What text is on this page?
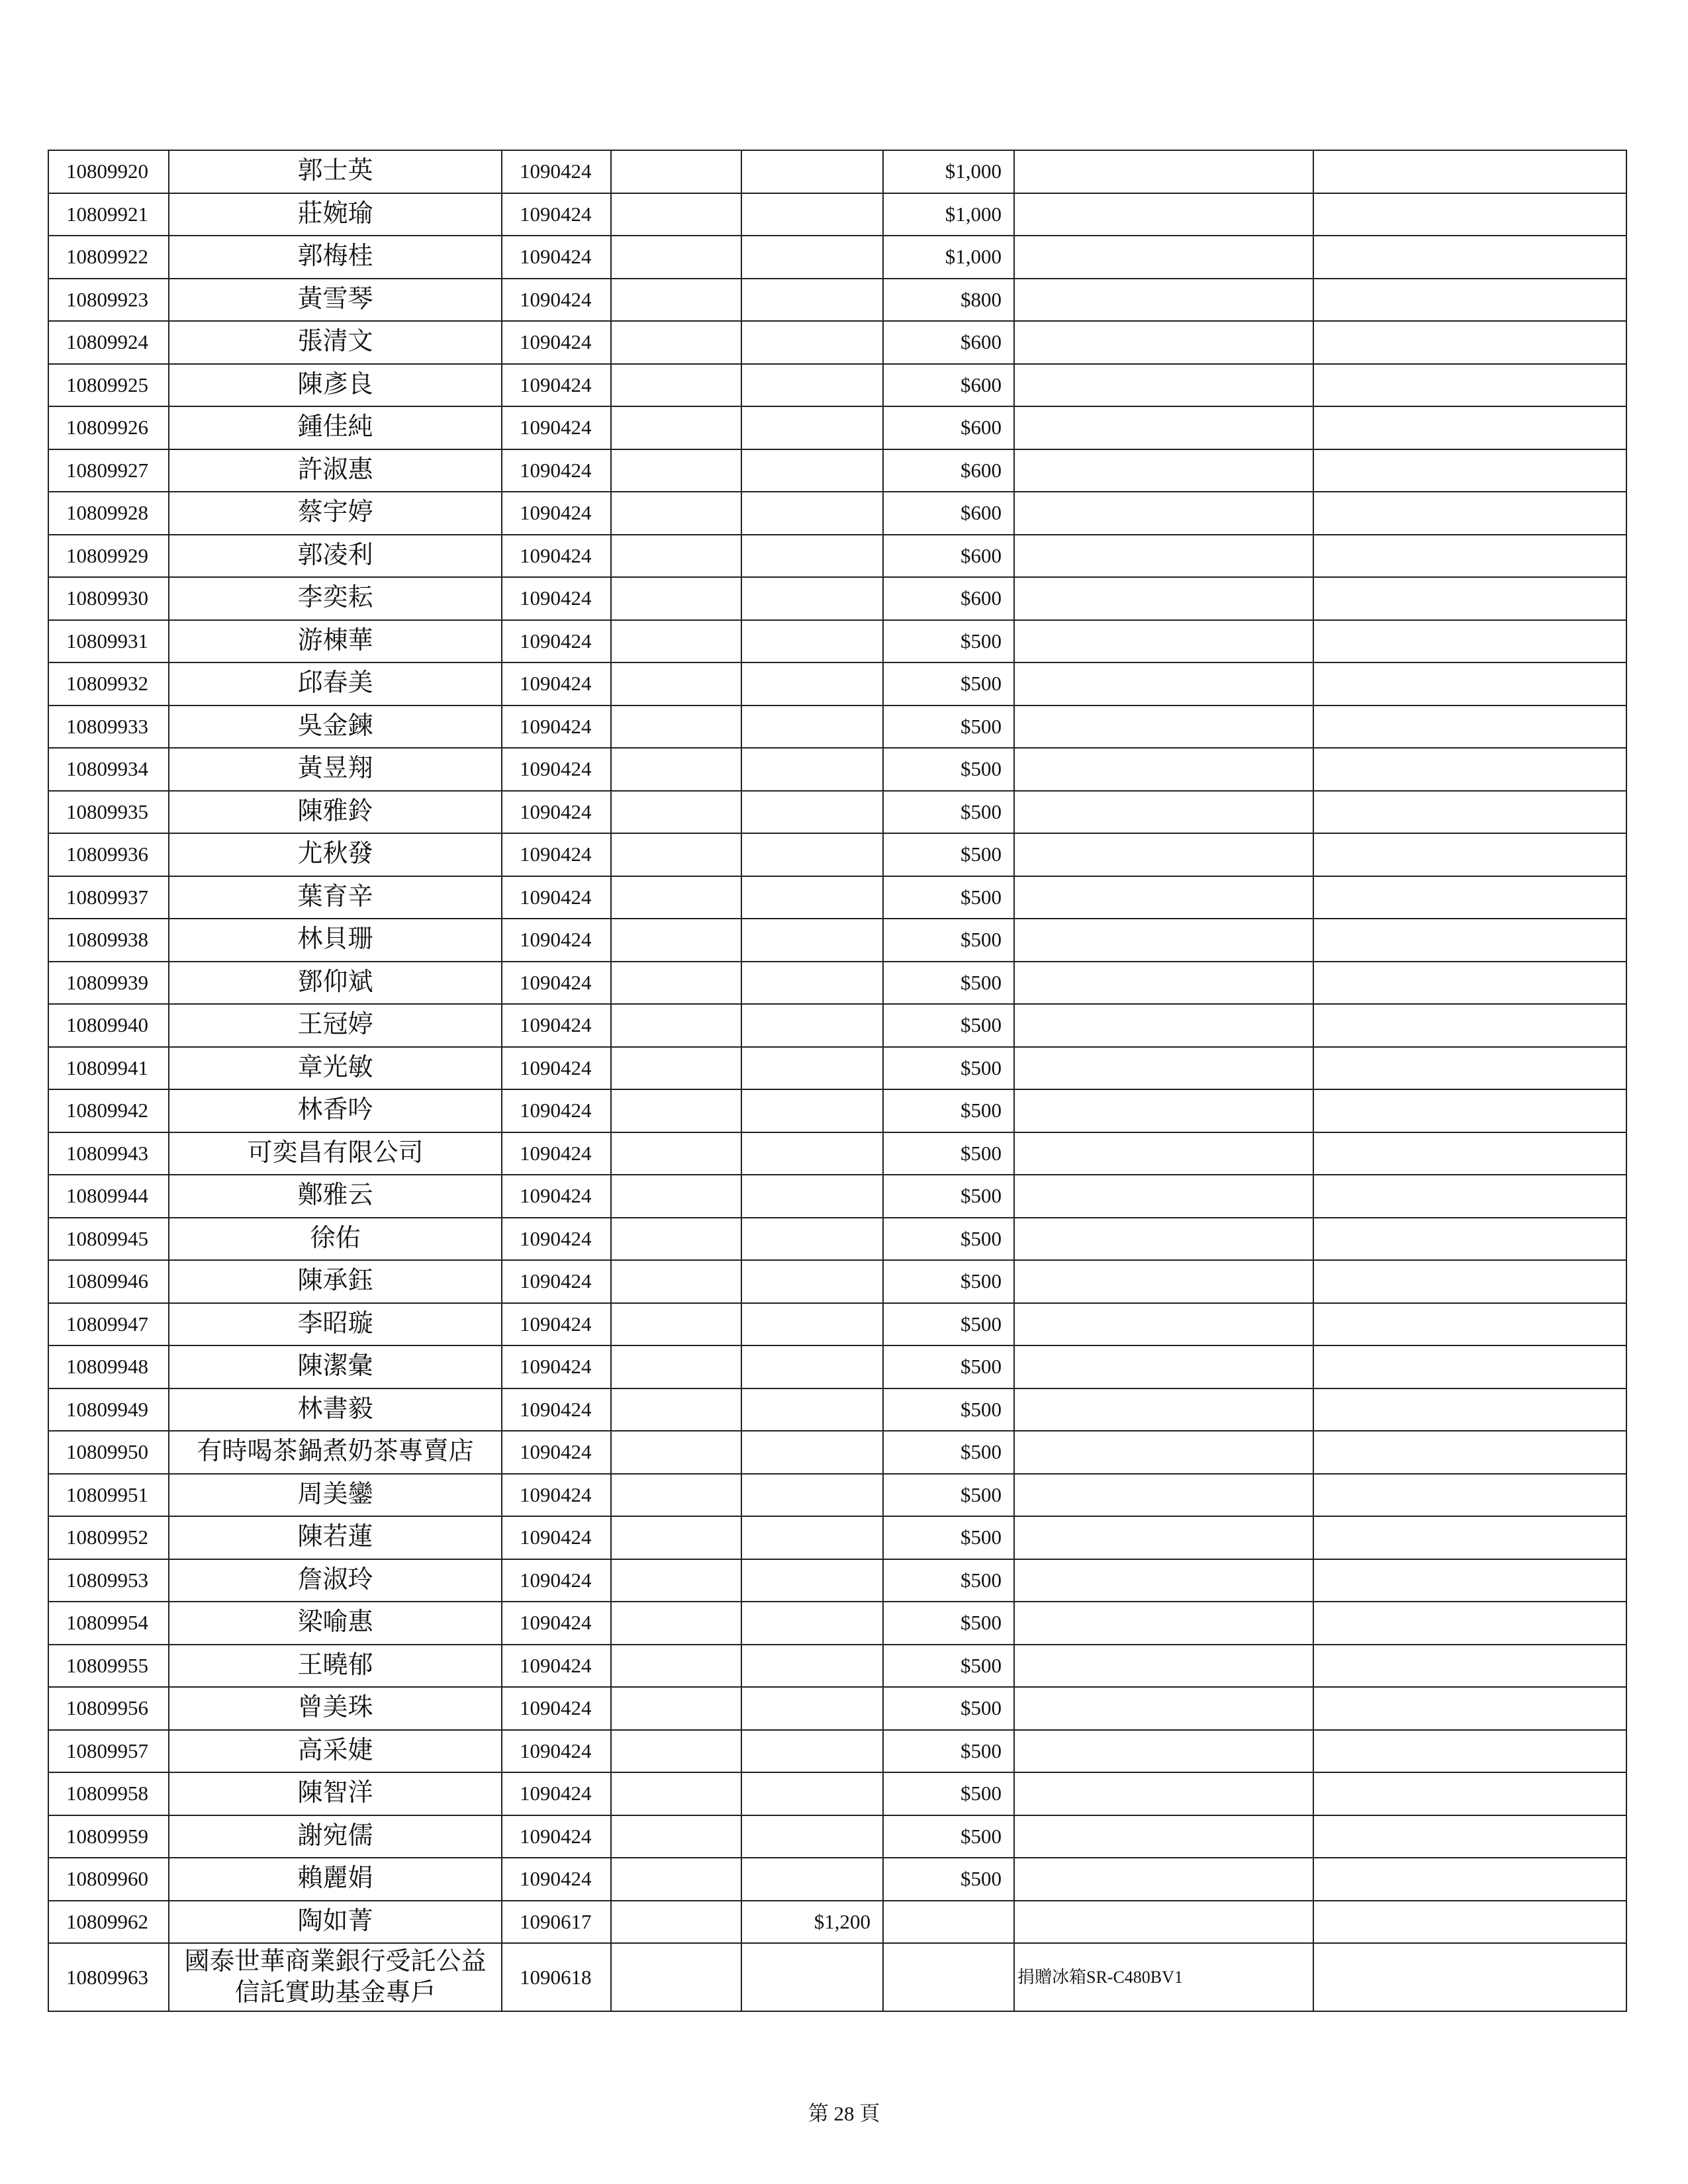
10809920	郭士英	1090424			$1,000		
10809921	莊婉瑜	1090424			$1,000		
10809922	郭梅桂	1090424			$1,000		
10809923	黃雪琴	1090424			$800		
10809924	張清文	1090424			$600		
10809925	陳彥良	1090424			$600		
10809926	鍾佳純	1090424			$600		
10809927	許淑惠	1090424			$600		
10809928	蔡宇婷	1090424			$600		
10809929	郭凌利	1090424			$600		
10809930	李奕耘	1090424			$600		
10809931	游棟華	1090424			$500		
10809932	邱春美	1090424			$500		
10809933	吳金鍊	1090424			$500		
10809934	黃昱翔	1090424			$500		
10809935	陳雅鈴	1090424			$500		
10809936	尤秋發	1090424			$500		
10809937	葉育辛	1090424			$500		
10809938	林貝珊	1090424			$500		
10809939	鄧仰斌	1090424			$500		
10809940	王冠婷	1090424			$500		
10809941	章光敏	1090424			$500		
10809942	林香吟	1090424			$500		
10809943	可奕昌有限公司	1090424			$500		
10809944	鄭雅云	1090424			$500		
10809945	徐佑	1090424			$500		
10809946	陳承鈺	1090424			$500		
10809947	李昭璇	1090424			$500		
10809948	陳潔彙	1090424			$500		
10809949	林書毅	1090424			$500		
10809950	有時喝茶鍋煮奶茶專賣店	1090424			$500		
10809951	周美鑾	1090424			$500		
10809952	陳若蓮	1090424			$500		
10809953	詹淑玲	1090424			$500		
10809954	梁喻惠	1090424			$500		
10809955	王曉郁	1090424			$500		
10809956	曾美珠	1090424			$500		
10809957	高采婕	1090424			$500		
10809958	陳智洋	1090424			$500		
10809959	謝宛儒	1090424			$500		
10809960	賴麗娟	1090424			$500		
10809962	陶如菁	1090617		$1,200			
10809963	國泰世華商業銀行受託公益信託實助基金專戶	1090618				捐贈冰箱SR-C480BV1	
第 28 頁
